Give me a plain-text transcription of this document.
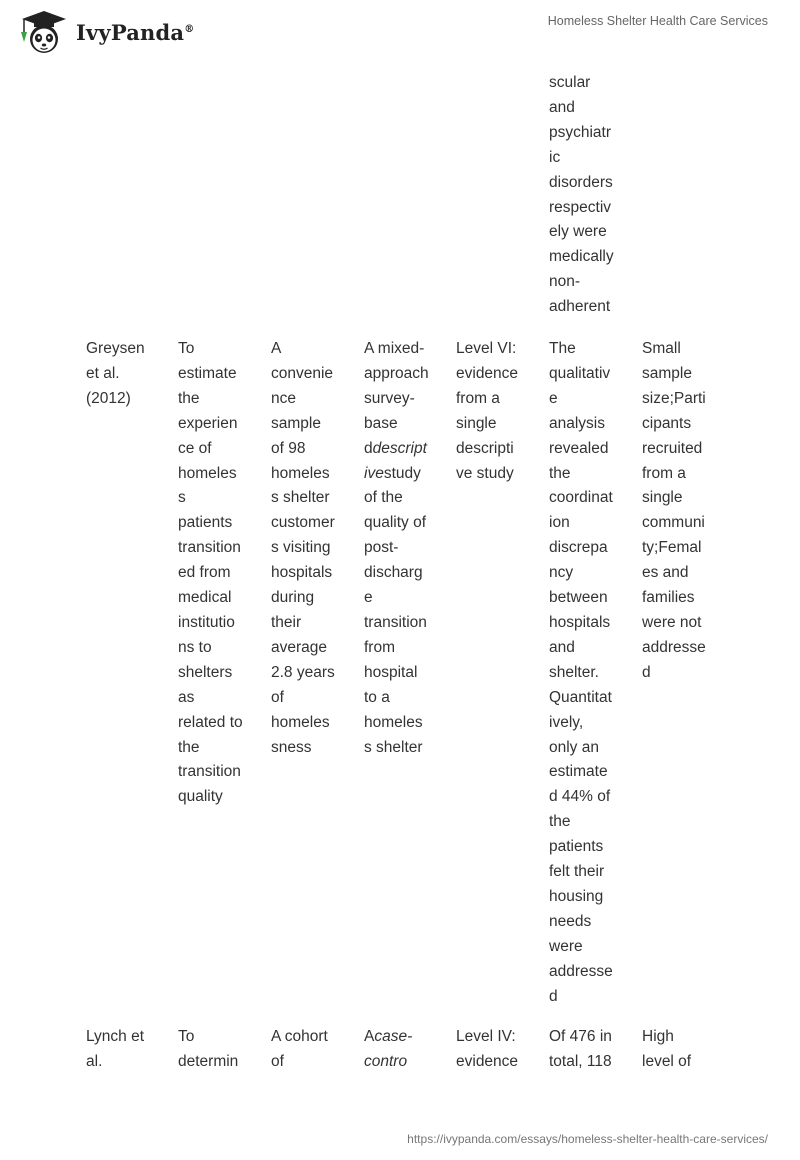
IvyPanda®
Homeless Shelter Health Care Services
scular
and
psychiatr
ic
disorders
respectiv
ely were
medically
non-
adherent
Greysen
et al.
(2012)
To
estimate
the
experien
ce of
homeles
s
patients
transition
ed from
medical
institutio
ns to
shelters
as
related to
the
transition
quality
A
convenie
nce
sample
of 98
homeles
s shelter
customer
s visiting
hospitals
during
their
average
2.8 years
of
homeles
sness
A mixed-
approach
survey-
base
ddescript
ivestudy
of the
quality of
post-
discharg
e
transition
from
hospital
to a
homeles
s shelter
Level VI:
evidence
from a
single
descripti
ve study
The
qualitativ
e
analysis
revealed
the
coordinat
ion
discrepa
ncy
between
hospitals
and
shelter.
Quantitat
ively,
only an
estimate
d 44% of
the
patients
felt their
housing
needs
were
addresse
d
Small
sample
size;Parti
cipants
recruited
from a
single
communi
ty;Femal
es and
families
were not
addresse
d
Lynch et
al.
To
determin
A cohort
of
Acase-
contro
Level IV:
evidence
Of 476 in
total, 118
High
level of
https://ivypanda.com/essays/homeless-shelter-health-care-services/
